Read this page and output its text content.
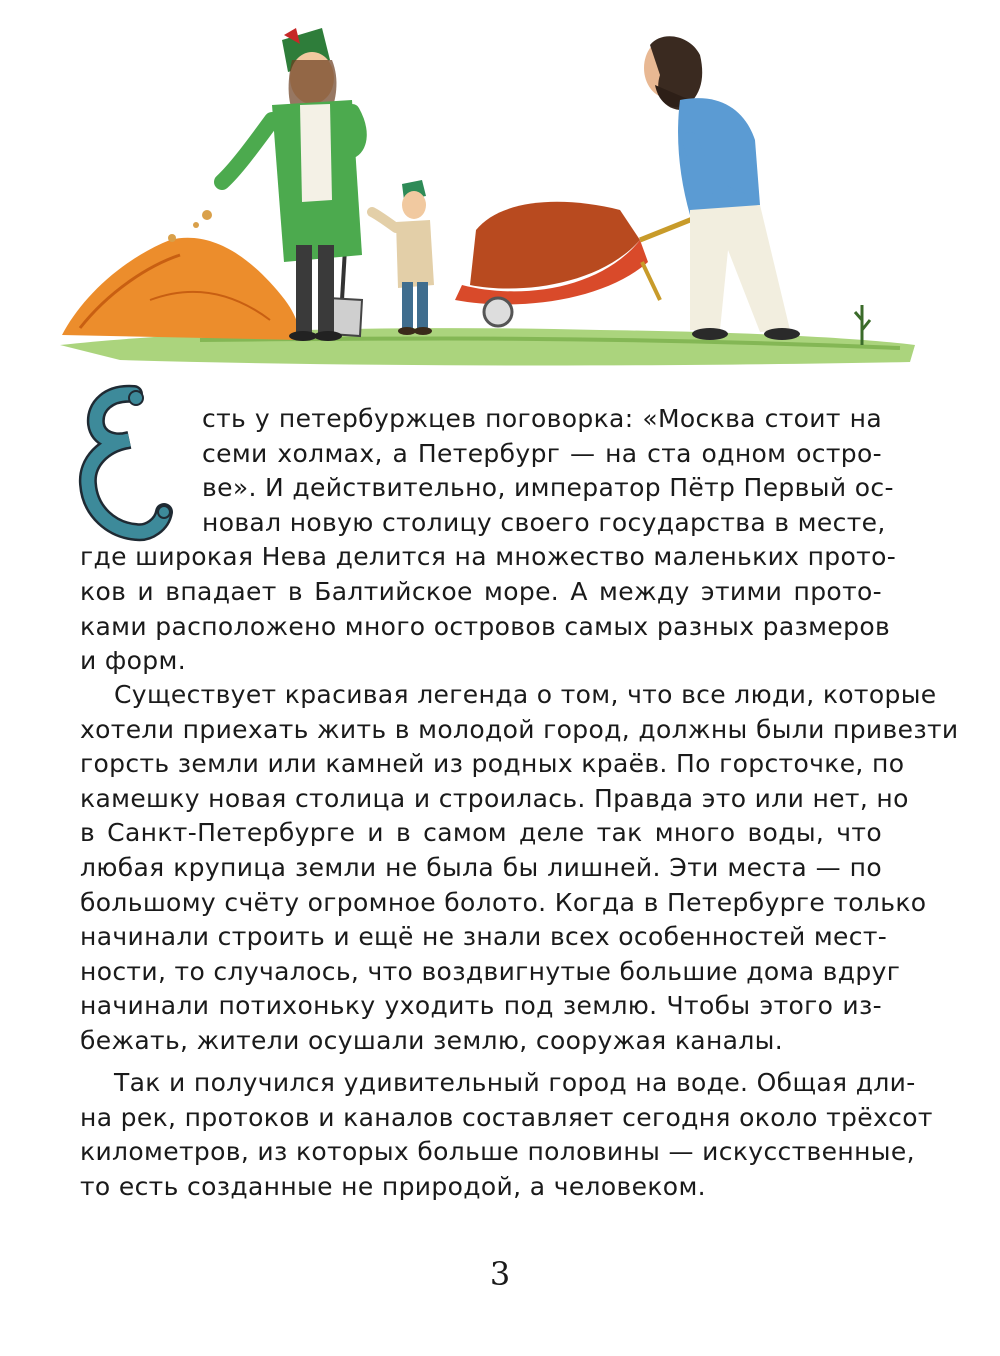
сть у петербуржцев поговорка: «Москва стоит на
семи холмах, а Петербург — на ста одном остро-
ве». И действительно, император Пётр Первый ос-
новал новую столицу своего государства в месте,
где широкая Нева делится на множество маленьких прото-
ков и впадает в Балтийское море. А между этими прото-
ками расположено много островов самых разных размеров
и форм.
Существует красивая легенда о том, что все люди, которые
хотели приехать жить в молодой город, должны были привезти
горсть земли или камней из родных краёв. По горсточке, по
камешку новая столица и строилась. Правда это или нет, но
в Санкт-Петербурге и в самом деле так много воды, что
любая крупица земли не была бы лишней. Эти места — по
большому счёту огромное болото. Когда в Петербурге только
начинали строить и ещё не знали всех особенностей мест-
ности, то случалось, что воздвигнутые большие дома вдруг
начинали потихоньку уходить под землю. Чтобы этого из-
бежать, жители осушали землю, сооружая каналы.
Так и получился удивительный город на воде. Общая дли-
на рек, протоков и каналов составляет сегодня около трёхсот
километров, из которых больше половины — искусственные,
то есть созданные не природой, а человеком.
3
